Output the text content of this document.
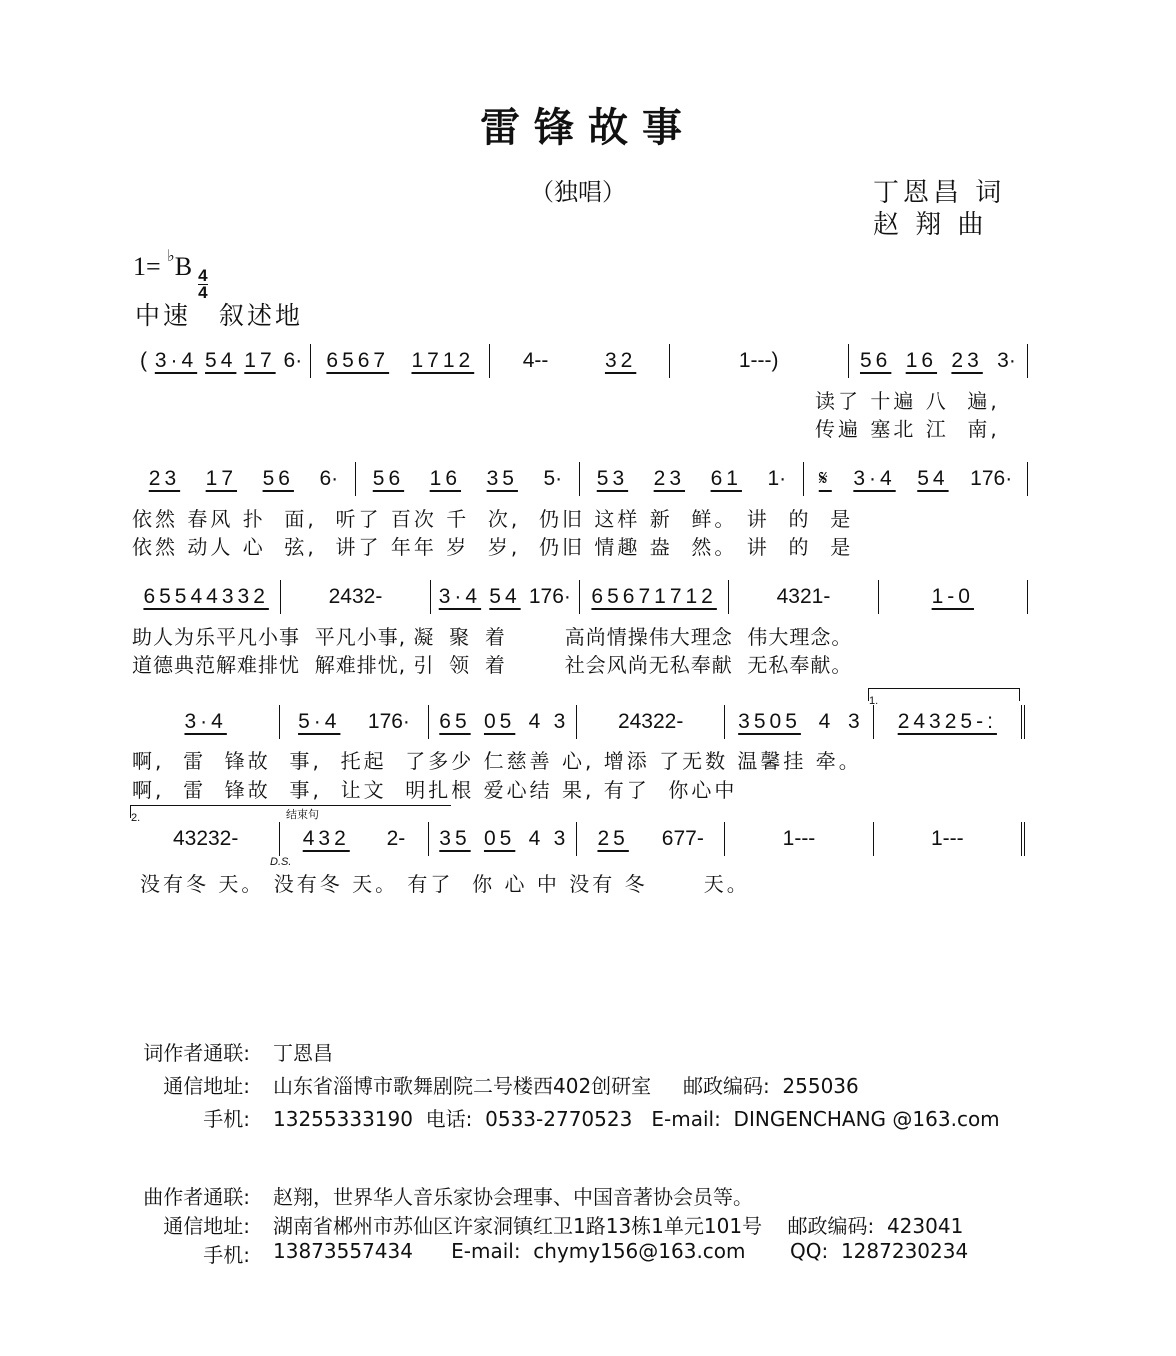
雷锋故事
（独唱）	丁恩昌 词
赵 翔 曲
1= ♭B
$\frac{4}{4}$
中速　叙述地
( 3·4 54 17 6· 6567 1712 4--	32	1---)	56 16 23 3·
23 17 56 6· 56 16 35 5· 53 23 61 1· 𝄋 3·4 54 176·
65544332	2432-	3·4 54 176· 65671712	4321-	1-0
3·4	5·4 176· 65 05 4 3	24322-	3505 4 3 24325-:
43232-	432 2- 35 05 4 3 25 677-	1---	1---
读了 十遍 八  遍,
传遍 塞北 江  南,
依然 春风 扑  面,  听了 百次 千  次,  仍旧 这样 新  鲜。 讲  的  是
依然 动人 心  弦,  讲了 年年 岁  岁,  仍旧 情趣 盎  然。 讲  的  是
助人为乐平凡小事  平凡小事, 凝  聚  着        高尚情操伟大理念  伟大理念。
道德典范解难排忧  解难排忧, 引  领  着        社会风尚无私奉献  无私奉献。
啊,  雷  锋故  事,  托起  了多少 仁慈善 心, 增添 了无数 温馨挂 牵。
啊,  雷  锋故  事,  让文  明扎根 爱心结 果, 有了  你心中
没有冬 天。 没有冬 天。 有了  你 心 中 没有 冬      天。
1.
2.	结束句
D.S.
词作者通联: 丁恩昌
通信地址: 山东省淄博市歌舞剧院二号楼西402创研室     邮政编码:  255036
手机: 13255333190  电话:  0533-2770523   E-mail:  DINGENCHANG @163.com
曲作者通联: 赵翔，世界华人音乐家协会理事、中国音著协会员等。
通信地址: 湖南省郴州市苏仙区许家洞镇红卫1路13栋1单元101号    邮政编码:  423041
手机: 13873557434      E-mail:  chymy156@163.com       QQ:  1287230234
